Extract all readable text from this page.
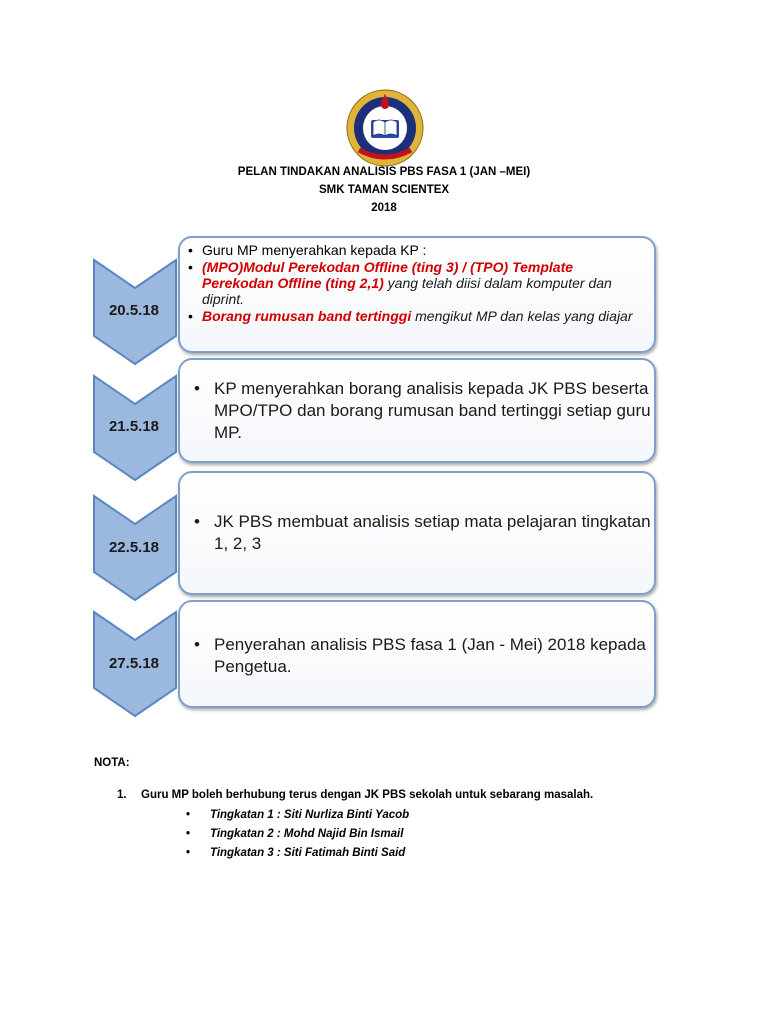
PELAN TINDAKAN ANALISIS PBS FASA 1 (JAN –MEI)
SMK TAMAN SCIENTEX
2018
20.5.18
• Guru MP menyerahkan kepada KP :
• (MPO)Modul Perekodan Offline (ting 3) / (TPO) Template Perekodan Offline (ting 2,1) yang telah diisi dalam komputer dan diprint.
• Borang rumusan band tertinggi mengikut MP dan kelas yang diajar
21.5.18
• KP menyerahkan borang analisis kepada JK PBS beserta MPO/TPO dan borang rumusan band tertinggi setiap guru MP.
22.5.18
• JK PBS membuat analisis setiap mata pelajaran tingkatan 1, 2, 3
27.5.18
• Penyerahan analisis PBS fasa 1 (Jan - Mei) 2018 kepada Pengetua.
NOTA:
1. Guru MP boleh berhubung terus dengan JK PBS sekolah untuk sebarang masalah.
• Tingkatan 1 : Siti Nurliza Binti Yacob
• Tingkatan 2 : Mohd Najid Bin Ismail
• Tingkatan 3 : Siti Fatimah Binti Said
